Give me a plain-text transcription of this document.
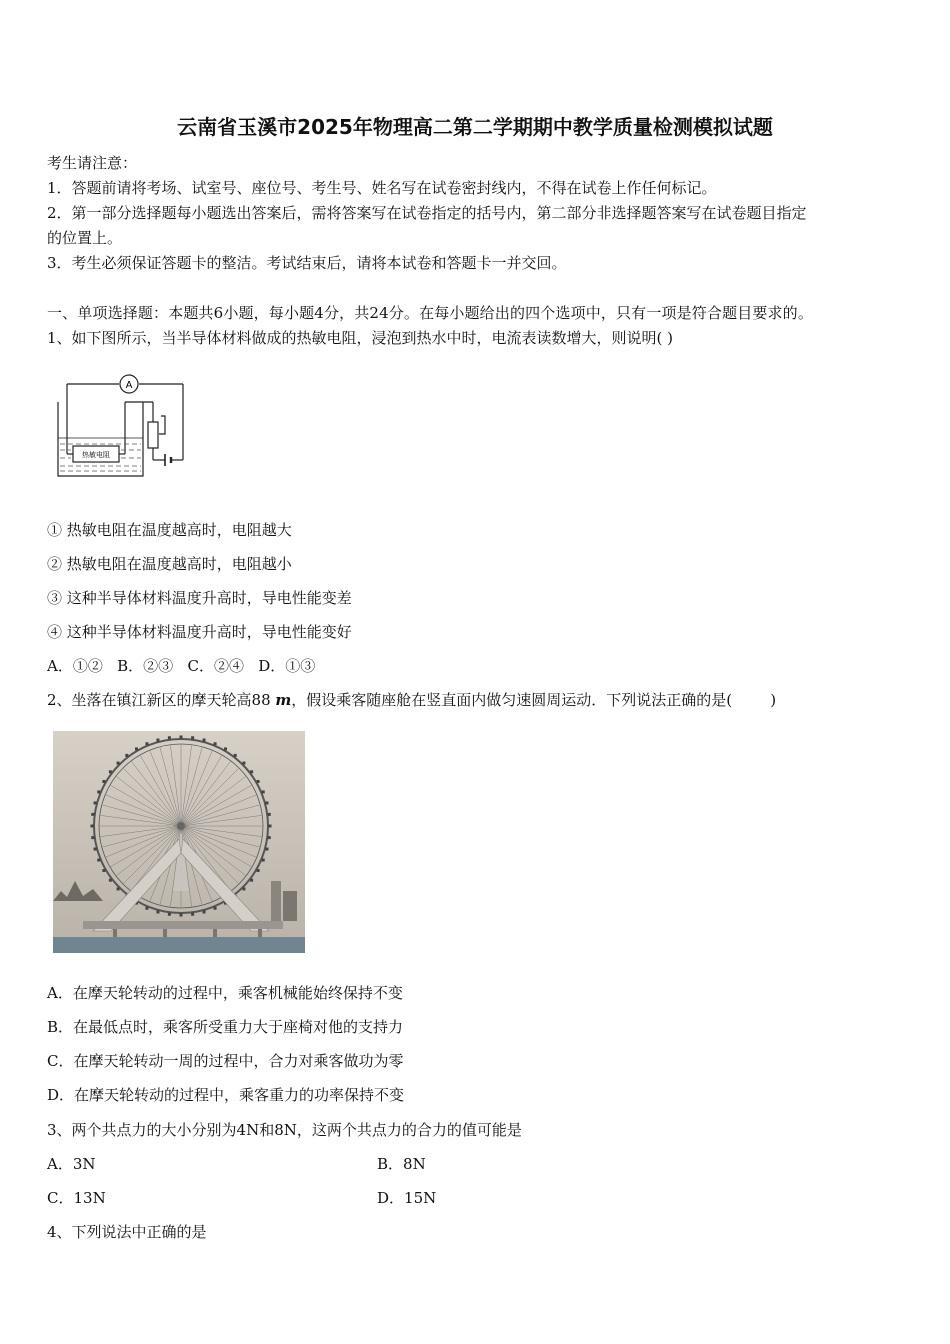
云南省玉溪市2025年物理高二第二学期期中教学质量检测模拟试题
考生请注意：
1．答题前请将考场、试室号、座位号、考生号、姓名写在试卷密封线内，不得在试卷上作任何标记。
2．第一部分选择题每小题选出答案后，需将答案写在试卷指定的括号内，第二部分非选择题答案写在试卷题目指定
的位置上。
3．考生必须保证答题卡的整洁。考试结束后，请将本试卷和答题卡一并交回。
一、单项选择题：本题共6小题，每小题4分，共24分。在每小题给出的四个选项中，只有一项是符合题目要求的。
1、如下图所示，当半导体材料做成的热敏电阻，浸泡到热水中时，电流表读数增大，则说明( )
A
热敏电阻
① 热敏电阻在温度越高时，电阻越大
② 热敏电阻在温度越高时，电阻越小
③ 这种半导体材料温度升高时，导电性能变差
④ 这种半导体材料温度升高时，导电性能变好
A．①②   B．②③   C．②④   D．①③
2、坐落在镇江新区的摩天轮高88 m，假设乘客随座舱在竖直面内做匀速圆周运动．下列说法正确的是(        )
A．在摩天轮转动的过程中，乘客机械能始终保持不变
B．在最低点时，乘客所受重力大于座椅对他的支持力
C．在摩天轮转动一周的过程中，合力对乘客做功为零
D．在摩天轮转动的过程中，乘客重力的功率保持不变
3、两个共点力的大小分别为4N和8N，这两个共点力的合力的值可能是
A．3N	B．8N
C．13N	D．15N
4、下列说法中正确的是
